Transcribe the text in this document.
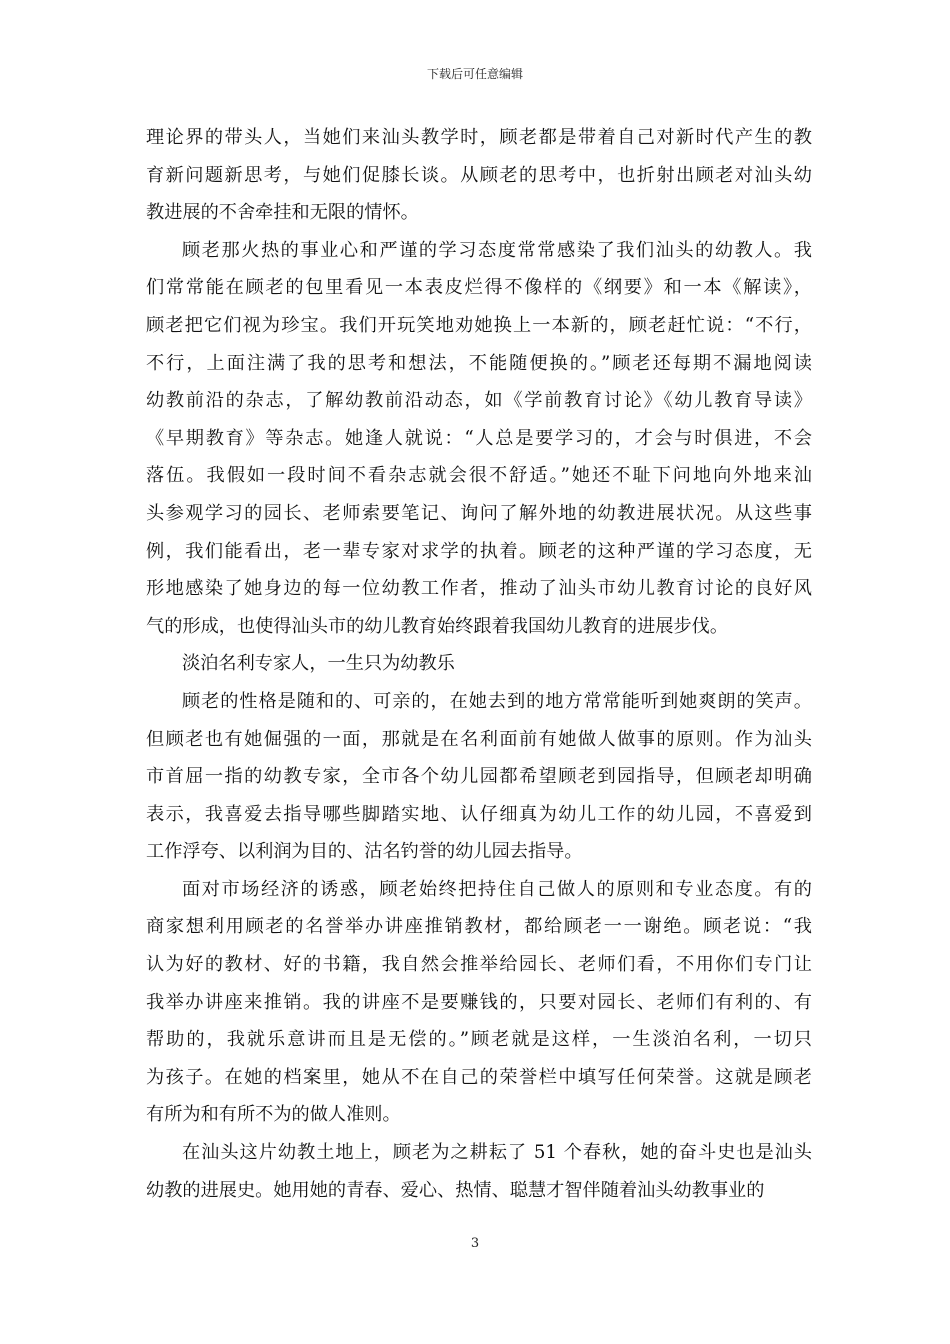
下载后可任意编辑
理论界的带头人，当她们来汕头教学时，顾老都是带着自己对新时代产生的教
育新问题新思考，与她们促膝长谈。从顾老的思考中，也折射出顾老对汕头幼
教进展的不舍牵挂和无限的情怀。
顾老那火热的事业心和严谨的学习态度常常感染了我们汕头的幼教人。我
们常常能在顾老的包里看见一本表皮烂得不像样的《纲要》和一本《解读》，
顾老把它们视为珍宝。我们开玩笑地劝她换上一本新的，顾老赶忙说：“不行，
不行，上面注满了我的思考和想法，不能随便换的。”顾老还每期不漏地阅读
幼教前沿的杂志，了解幼教前沿动态，如《学前教育讨论》《幼儿教育导读》
《早期教育》等杂志。她逢人就说：“人总是要学习的，才会与时俱进，不会
落伍。我假如一段时间不看杂志就会很不舒适。”她还不耻下问地向外地来汕
头参观学习的园长、老师索要笔记、询问了解外地的幼教进展状况。从这些事
例，我们能看出，老一辈专家对求学的执着。顾老的这种严谨的学习态度，无
形地感染了她身边的每一位幼教工作者，推动了汕头市幼儿教育讨论的良好风
气的形成，也使得汕头市的幼儿教育始终跟着我国幼儿教育的进展步伐。
淡泊名利专家人，一生只为幼教乐
顾老的性格是随和的、可亲的，在她去到的地方常常能听到她爽朗的笑声。
但顾老也有她倔强的一面，那就是在名利面前有她做人做事的原则。作为汕头
市首屈一指的幼教专家，全市各个幼儿园都希望顾老到园指导，但顾老却明确
表示，我喜爱去指导哪些脚踏实地、认仔细真为幼儿工作的幼儿园，不喜爱到
工作浮夸、以利润为目的、沽名钓誉的幼儿园去指导。
面对市场经济的诱惑，顾老始终把持住自己做人的原则和专业态度。有的
商家想利用顾老的名誉举办讲座推销教材，都给顾老一一谢绝。顾老说：“我
认为好的教材、好的书籍，我自然会推举给园长、老师们看，不用你们专门让
我举办讲座来推销。我的讲座不是要赚钱的，只要对园长、老师们有利的、有
帮助的，我就乐意讲而且是无偿的。”顾老就是这样，一生淡泊名利，一切只
为孩子。在她的档案里，她从不在自己的荣誉栏中填写任何荣誉。这就是顾老
有所为和有所不为的做人准则。
在汕头这片幼教土地上，顾老为之耕耘了 51 个春秋，她的奋斗史也是汕头
幼教的进展史。她用她的青春、爱心、热情、聪慧才智伴随着汕头幼教事业的
3
